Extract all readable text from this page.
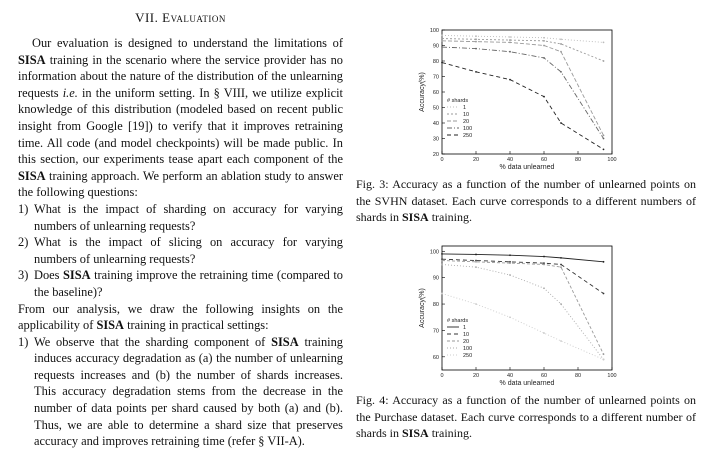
VII. Evaluation

Our evaluation is designed to understand the limitations of SISA training in the scenario where the service provider has no information about the nature of the distribution of the unlearning requests i.e. in the uniform setting. In § VIII, we utilize explicit knowledge of this distribution (modeled based on recent public insight from Google [19]) to verify that it improves retraining time. All code (and model checkpoints) will be made public. In this section, our experiments tease apart each component of the SISA training approach. We perform an ablation study to answer the following questions:

1) What is the impact of sharding on accuracy for varying numbers of unlearning requests?
2) What is the impact of slicing on accuracy for varying numbers of unlearning requests?
3) Does SISA training improve the retraining time (compared to the baseline)?

From our analysis, we draw the following insights on the applicability of SISA training in practical settings:

1) We observe that the sharding component of SISA training induces accuracy degradation as (a) the number of unlearning requests increases and (b) the number of shards increases. This accuracy degradation stems from the decrease in the number of data points per shard caused by both (a) and (b). Thus, we are able to determine a shard size that preserves accuracy and improves retraining time (refer § VII-A).
20
30
40
50
60
70
80
90
100
0	20	40	60	80	100
% data unlearned
Accuracy(%)	# shards
1
10
20
100
250
Fig. 3: Accuracy as a function of the number of unlearned points on the SVHN dataset. Each curve corresponds to a different numbers of shards in SISA training.
60
70
80
90
100
0	20	40	60	80	100
% data unlearned
Accuracy(%)	# shards
1
10
20
100
250
Fig. 4: Accuracy as a function of the number of unlearned points on the Purchase dataset. Each curve corresponds to a different number of shards in SISA training.
